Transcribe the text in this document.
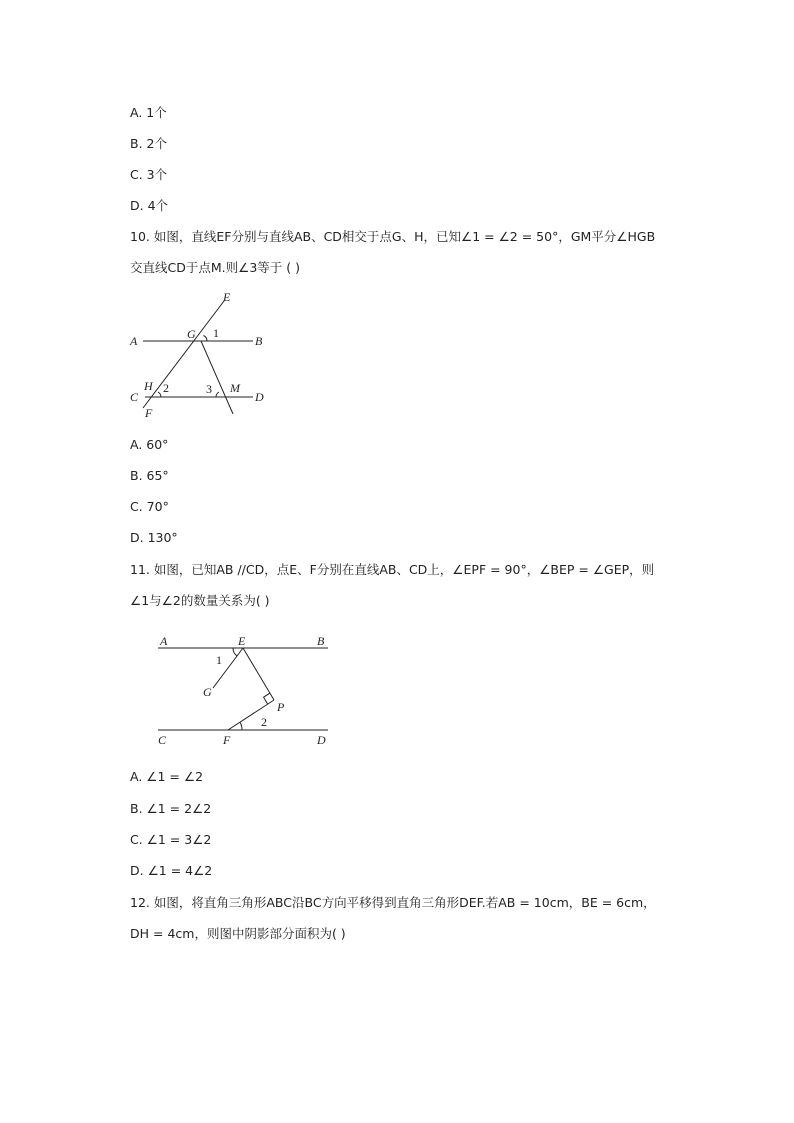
A. 1个
B. 2个
C. 3个
D. 4个
10. 如图，直线EF分别与直线AB、CD相交于点G、H，已知∠1 = ∠2 = 50°，GM平分∠HGB
交直线CD于点M.则∠3等于 ( )
E
A	G 1
B
H 2	3 M
C	D
F
A. 60°
B. 65°
C. 70°
D. 130°
11. 如图，已知AB //CD，点E、F分别在直线AB、CD上，∠EPF = 90°，∠BEP = ∠GEP，则
∠1与∠2的数量关系为( )
A	E	B
1
G
P
2
C	F	D
A. ∠1 = ∠2
B. ∠1 = 2∠2
C. ∠1 = 3∠2
D. ∠1 = 4∠2
12. 如图，将直角三角形ABC沿BC方向平移得到直角三角形DEF.若AB = 10cm，BE = 6cm，
DH = 4cm，则图中阴影部分面积为( )
